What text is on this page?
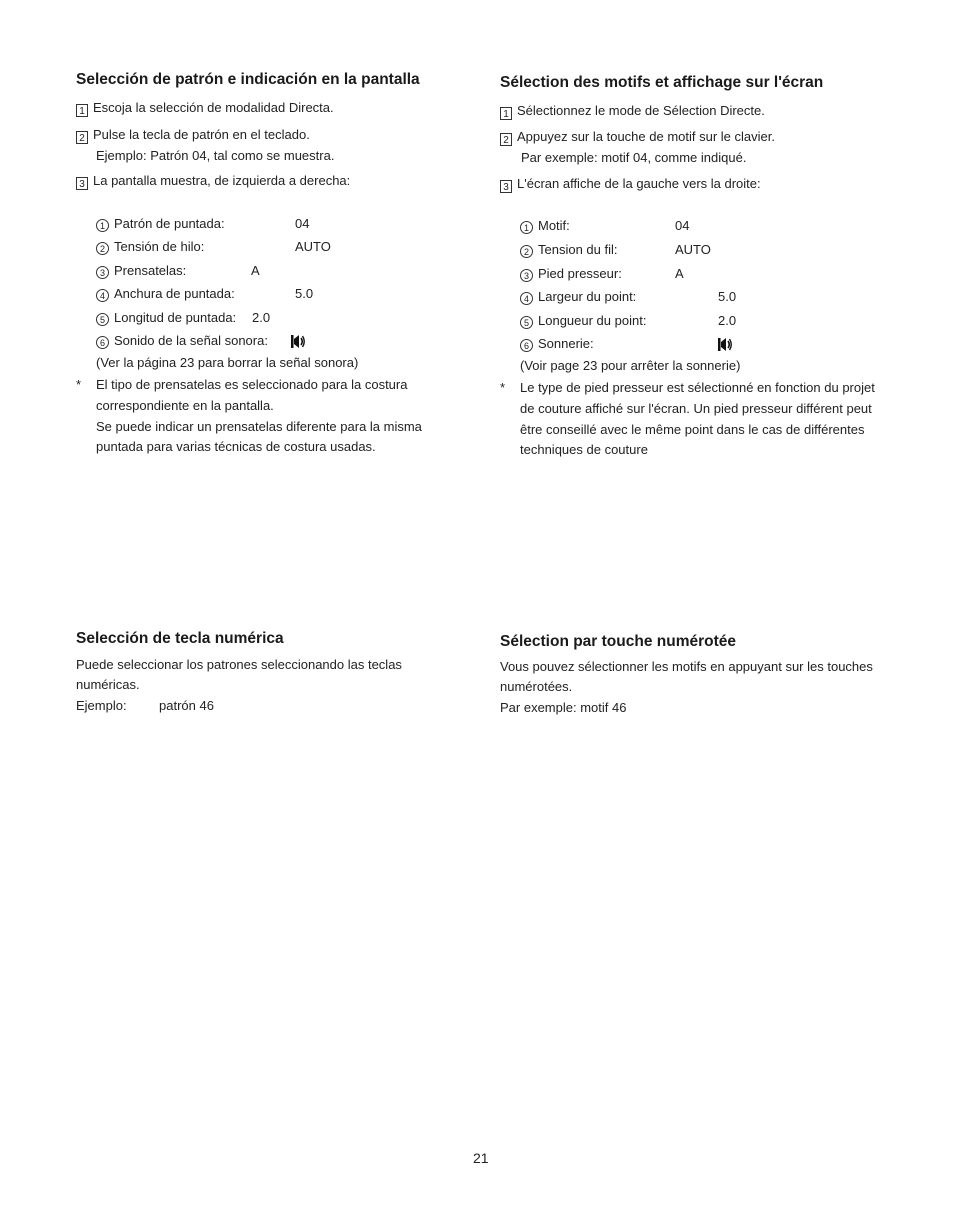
Selección de patrón e indicación en la pantalla
1 Escoja la selección de modalidad Directa.
2 Pulse la tecla de patrón en el teclado.
Ejemplo: Patrón 04, tal como se muestra.
3 La pantalla muestra, de izquierda a derecha:
1 Patrón de puntada:	04
2 Tensión de hilo:	AUTO
3 Prensatelas:	A
4 Anchura de puntada:	5.0
5 Longitud de puntada: 2.0
6 Sonido de la señal sonora:
(Ver la página 23 para borrar la señal sonora)
* El tipo de prensatelas es seleccionado para la costura
correspondiente en la pantalla.
Se puede indicar un prensatelas diferente para la misma
puntada para varias técnicas de costura usadas.
Selección de tecla numérica
Puede seleccionar los patrones seleccionando las teclas
numéricas.
Ejemplo: patrón 46
Sélection des motifs et affichage sur l'écran
1 Sélectionnez le mode de Sélection Directe.
2 Appuyez sur la touche de motif sur le clavier.
Par exemple: motif 04, comme indiqué.
3 L'écran affiche de la gauche vers la droite:
1 Motif:	04
2 Tension du fil:	AUTO
3 Pied presseur:	A
4 Largeur du point:	5.0
5 Longueur du point:	2.0
6 Sonnerie:
(Voir page 23 pour arrêter la sonnerie)
* Le type de pied presseur est sélectionné en fonction du projet
de couture affiché sur l'écran. Un pied presseur différent peut
être conseillé avec le même point dans le cas de différentes
techniques de couture
Sélection par touche numérotée
Vous pouvez sélectionner les motifs en appuyant sur les touches
numérotées.
Par exemple: motif 46
21
